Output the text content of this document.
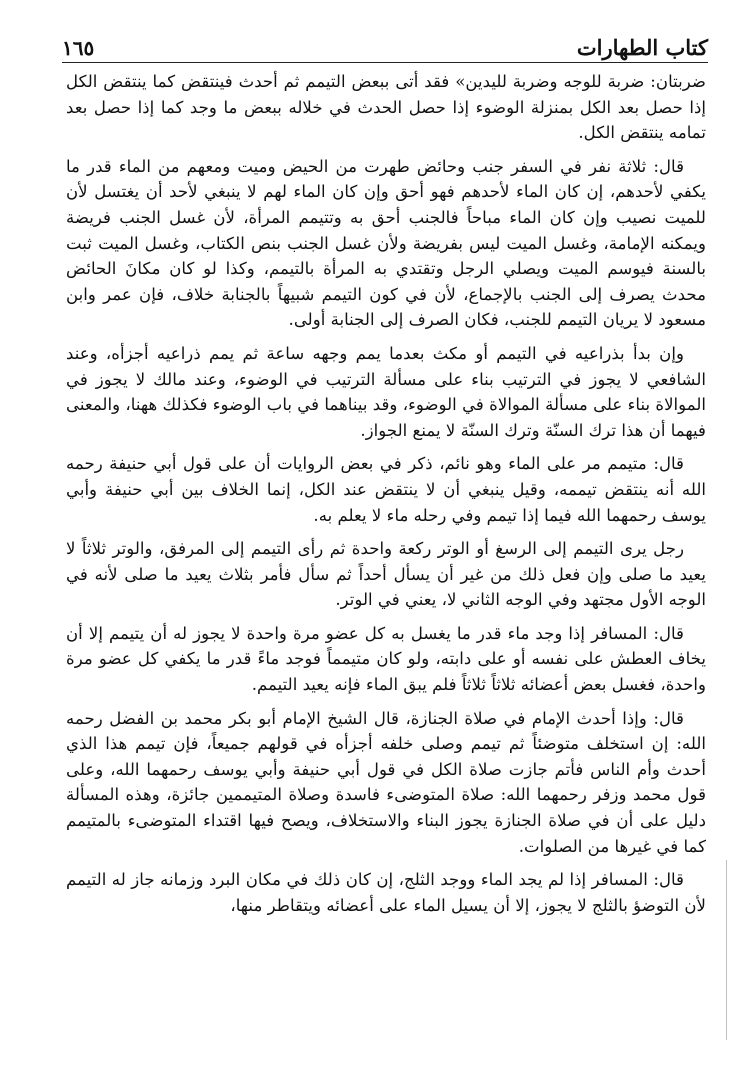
كتاب الطهارات
١٦٥

ضربتان: ضربة للوجه وضربة لليدين» فقد أتى ببعض التيمم ثم أحدث فينتقض كما ينتقض الكل إذا حصل بعد الكل بمنزلة الوضوء إذا حصل الحدث في خلاله ببعض ما وجد كما إذا حصل بعد تمامه ينتقض الكل.

قال: ثلاثة نفر في السفر جنب وحائض طهرت من الحيض وميت ومعهم من الماء قدر ما يكفي لأحدهم، إن كان الماء لأحدهم فهو أحق وإن كان الماء لهم لا ينبغي لأحد أن يغتسل لأن للميت نصيب وإن كان الماء مباحاً فالجنب أحق به وتتيمم المرأة، لأن غسل الجنب فريضة ويمكنه الإمامة، وغسل الميت ليس بفريضة ولأن غسل الجنب بنص الكتاب، وغسل الميت ثبت بالسنة فيوسم الميت ويصلي الرجل وتقتدي به المرأة بالتيمم، وكذا لو كان مكانَ الحائض محدث يصرف إلى الجنب بالإجماع، لأن في كون التيمم شبيهاً بالجنابة خلاف، فإن عمر وابن مسعود لا يريان التيمم للجنب، فكان الصرف إلى الجنابة أولى.

وإن بدأ بذراعيه في التيمم أو مكث بعدما يمم وجهه ساعة ثم يمم ذراعيه أجزأه، وعند الشافعي لا يجوز في الترتيب بناء على مسألة الترتيب في الوضوء، وعند مالك لا يجوز في الموالاة بناء على مسألة الموالاة في الوضوء، وقد بيناهما في باب الوضوء فكذلك ههنا، والمعنى فيهما أن هذا ترك السنّة وترك السنّة لا يمنع الجواز.

قال: متيمم مر على الماء وهو نائم، ذكر في بعض الروايات أن على قول أبي حنيفة رحمه الله أنه ينتقض تيممه، وقيل ينبغي أن لا ينتقض عند الكل، إنما الخلاف بين أبي حنيفة وأبي يوسف رحمهما الله فيما إذا تيمم وفي رحله ماء لا يعلم به.

رجل يرى التيمم إلى الرسغ أو الوتر ركعة واحدة ثم رأى التيمم إلى المرفق، والوتر ثلاثاً لا يعيد ما صلى وإن فعل ذلك من غير أن يسأل أحداً ثم سأل فأمر بثلاث يعيد ما صلى لأنه في الوجه الأول مجتهد وفي الوجه الثاني لا، يعني في الوتر.

قال: المسافر إذا وجد ماء قدر ما يغسل به كل عضو مرة واحدة لا يجوز له أن يتيمم إلا أن يخاف العطش على نفسه أو على دابته، ولو كان متيمماً فوجد ماءً قدر ما يكفي كل عضو مرة واحدة، فغسل بعض أعضائه ثلاثاً ثلاثاً فلم يبق الماء فإنه يعيد التيمم.

قال: وإذا أحدث الإمام في صلاة الجنازة، قال الشيخ الإمام أبو بكر محمد بن الفضل رحمه الله: إن استخلف متوضئاً ثم تيمم وصلى خلفه أجزأه في قولهم جميعاً، فإن تيمم هذا الذي أحدث وأم الناس فأتم جازت صلاة الكل في قول أبي حنيفة وأبي يوسف رحمهما الله، وعلى قول محمد وزفر رحمهما الله: صلاة المتوضىء فاسدة وصلاة المتيممين جائزة، وهذه المسألة دليل على أن في صلاة الجنازة يجوز البناء والاستخلاف، ويصح فيها اقتداء المتوضىء بالمتيمم كما في غيرها من الصلوات.

قال: المسافر إذا لم يجد الماء ووجد الثلج، إن كان ذلك في مكان البرد وزمانه جاز له التيمم لأن التوضؤ بالثلج لا يجوز، إلا أن يسيل الماء على أعضائه ويتقاطر منها،
